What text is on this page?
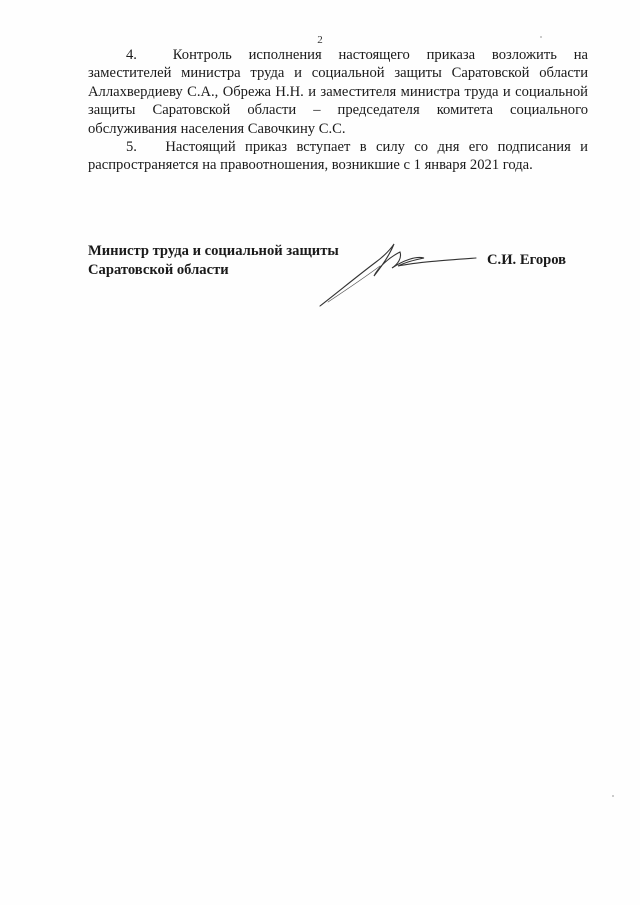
2

4. Контроль исполнения настоящего приказа возложить на заместителей министра труда и социальной защиты Саратовской области Аллахвердиеву С.А., Обрежа Н.Н. и заместителя министра труда и социальной защиты Саратовской области – председателя комитета социального обслуживания населения Савочкину С.С.

5. Настоящий приказ вступает в силу со дня его подписания и распространяется на правоотношения, возникшие с 1 января 2021 года.

Министр труда и социальной защиты
Саратовской области
С.И. Егоров
